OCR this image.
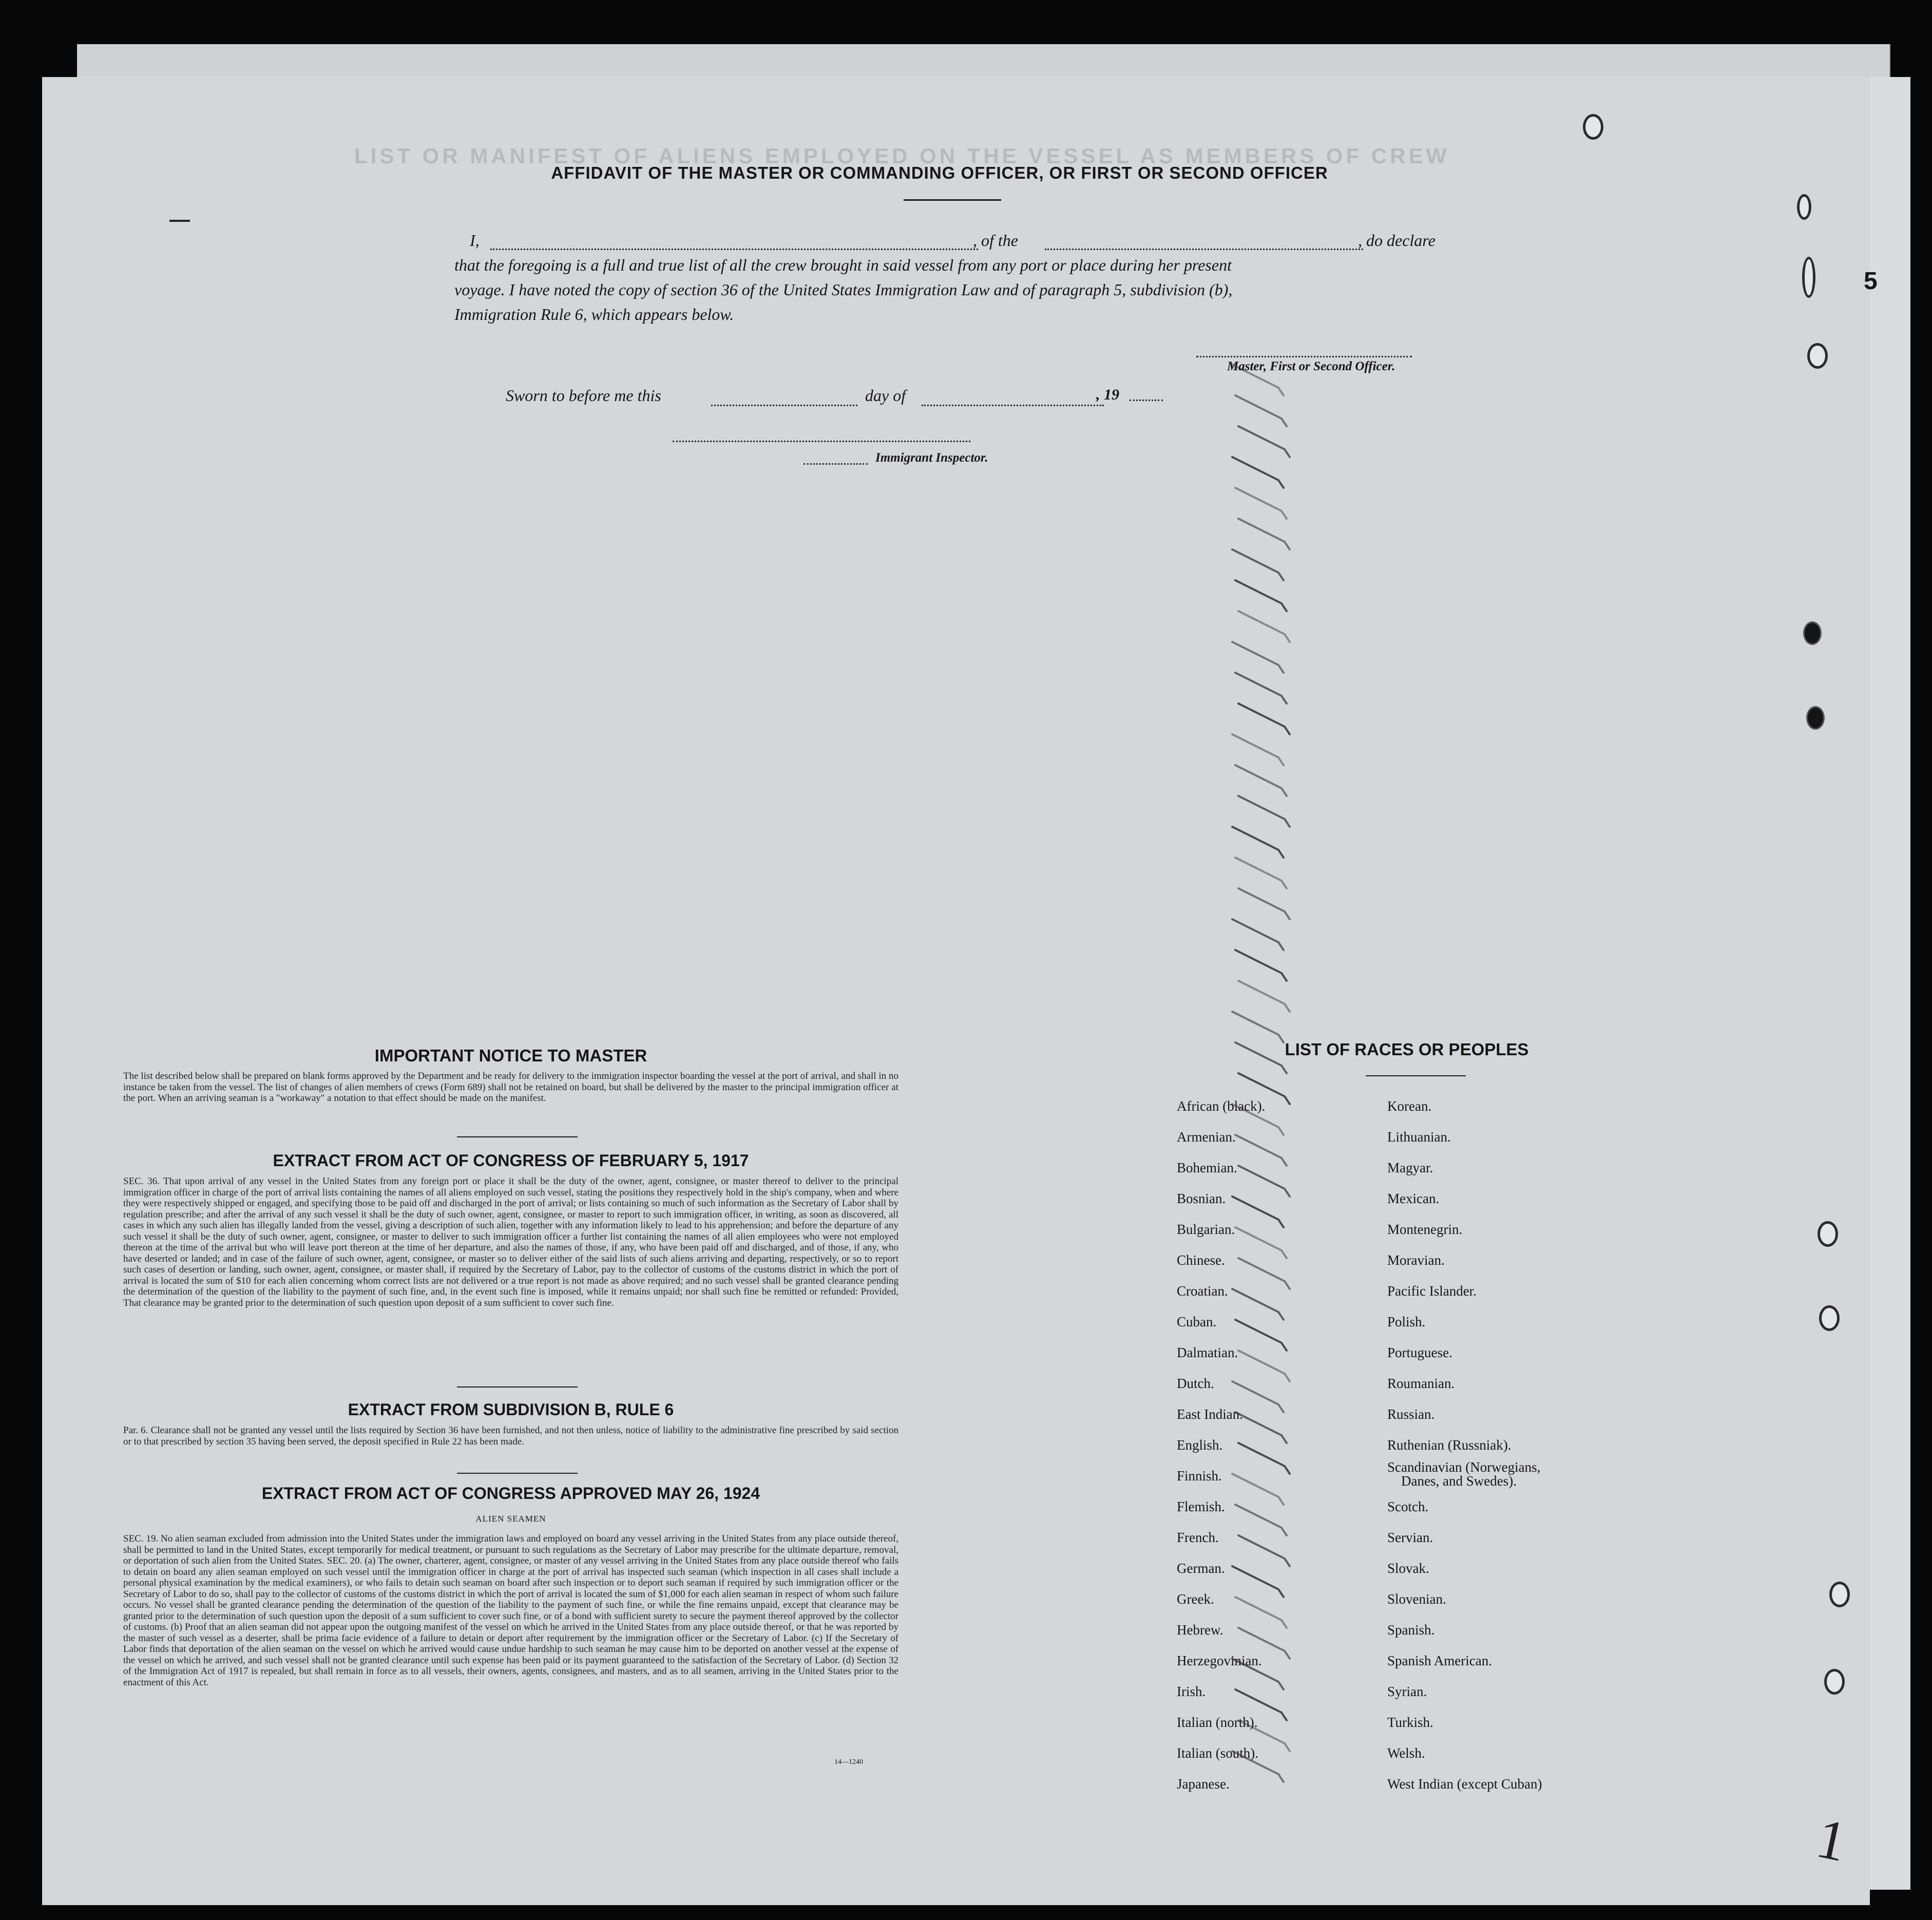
LIST OR MANIFEST OF ALIENS EMPLOYED ON THE VESSEL AS MEMBERS OF CREW
AFFIDAVIT OF THE MASTER OR COMMANDING OFFICER, OR FIRST OR SECOND OFFICER
I,	, of the	, do declare
that the foregoing is a full and true list of all the crew brought in said vessel from any port or place during her present
voyage. I have noted the copy of section 36 of the United States Immigration Law and of paragraph 5, subdivision (b),
Immigration Rule 6, which appears below.
Master, First or Second Officer.
Sworn to before me this	day of	, 19
Immigrant Inspector.
IMPORTANT NOTICE TO MASTER
The list described below shall be prepared on blank forms approved by the Department and be ready for delivery to the immigration inspector boarding the vessel at the port of arrival, and shall in no instance be taken from the vessel. The list of changes of alien members of crews (Form 689) shall not be retained on board, but shall be delivered by the master to the principal immigration officer at the port. When an arriving seaman is a "workaway" a notation to that effect should be made on the manifest.
EXTRACT FROM ACT OF CONGRESS OF FEBRUARY 5, 1917
SEC. 36. That upon arrival of any vessel in the United States from any foreign port or place it shall be the duty of the owner, agent, consignee, or master thereof to deliver to the principal immigration officer in charge of the port of arrival lists containing the names of all aliens employed on such vessel, stating the positions they respectively hold in the ship's company, when and where they were respectively shipped or engaged, and specifying those to be paid off and discharged in the port of arrival; or lists containing so much of such information as the Secretary of Labor shall by regulation prescribe; and after the arrival of any such vessel it shall be the duty of such owner, agent, consignee, or master to report to such immigration officer, in writing, as soon as discovered, all cases in which any such alien has illegally landed from the vessel, giving a description of such alien, together with any information likely to lead to his apprehension; and before the departure of any such vessel it shall be the duty of such owner, agent, consignee, or master to deliver to such immigration officer a further list containing the names of all alien employees who were not employed thereon at the time of the arrival but who will leave port thereon at the time of her departure, and also the names of those, if any, who have been paid off and discharged, and of those, if any, who have deserted or landed; and in case of the failure of such owner, agent, consignee, or master so to deliver either of the said lists of such aliens arriving and departing, respectively, or so to report such cases of desertion or landing, such owner, agent, consignee, or master shall, if required by the Secretary of Labor, pay to the collector of customs of the customs district in which the port of arrival is located the sum of $10 for each alien concerning whom correct lists are not delivered or a true report is not made as above required; and no such vessel shall be granted clearance pending the determination of the question of the liability to the payment of such fine, and, in the event such fine is imposed, while it remains unpaid; nor shall such fine be remitted or refunded: Provided, That clearance may be granted prior to the determination of such question upon deposit of a sum sufficient to cover such fine.
EXTRACT FROM SUBDIVISION B, RULE 6
Par. 6. Clearance shall not be granted any vessel until the lists required by Section 36 have been furnished, and not then unless, notice of liability to the administrative fine prescribed by said section or to that prescribed by section 35 having been served, the deposit specified in Rule 22 has been made.
EXTRACT FROM ACT OF CONGRESS APPROVED MAY 26, 1924
ALIEN SEAMEN
SEC. 19. No alien seaman excluded from admission into the United States under the immigration laws and employed on board any vessel arriving in the United States from any place outside thereof, shall be permitted to land in the United States, except temporarily for medical treatment, or pursuant to such regulations as the Secretary of Labor may prescribe for the ultimate departure, removal, or deportation of such alien from the United States. SEC. 20. (a) The owner, charterer, agent, consignee, or master of any vessel arriving in the United States from any place outside thereof who fails to detain on board any alien seaman employed on such vessel until the immigration officer in charge at the port of arrival has inspected such seaman (which inspection in all cases shall include a personal physical examination by the medical examiners), or who fails to detain such seaman on board after such inspection or to deport such seaman if required by such immigration officer or the Secretary of Labor to do so, shall pay to the collector of customs of the customs district in which the port of arrival is located the sum of $1,000 for each alien seaman in respect of whom such failure occurs. No vessel shall be granted clearance pending the determination of the question of the liability to the payment of such fine, or while the fine remains unpaid, except that clearance may be granted prior to the determination of such question upon the deposit of a sum sufficient to cover such fine, or of a bond with sufficient surety to secure the payment thereof approved by the collector of customs. (b) Proof that an alien seaman did not appear upon the outgoing manifest of the vessel on which he arrived in the United States from any place outside thereof, or that he was reported by the master of such vessel as a deserter, shall be prima facie evidence of a failure to detain or deport after requirement by the immigration officer or the Secretary of Labor. (c) If the Secretary of Labor finds that deportation of the alien seaman on the vessel on which he arrived would cause undue hardship to such seaman he may cause him to be deported on another vessel at the expense of the vessel on which he arrived, and such vessel shall not be granted clearance until such expense has been paid or its payment guaranteed to the satisfaction of the Secretary of Labor. (d) Section 32 of the Immigration Act of 1917 is repealed, but shall remain in force as to all vessels, their owners, agents, consignees, and masters, and as to all seamen, arriving in the United States prior to the enactment of this Act.
14—1240
LIST OF RACES OR PEOPLES
African (black).
Armenian.
Bohemian.
Bosnian.
Bulgarian.
Chinese.
Croatian.
Cuban.
Dalmatian.
Dutch.
East Indian.
English.
Finnish.
Flemish.
French.
German.
Greek.
Hebrew.
Herzegovinian.
Irish.
Italian (north).
Italian (south).
Japanese.
Korean.
Lithuanian.
Magyar.
Mexican.
Montenegrin.
Moravian.
Pacific Islander.
Polish.
Portuguese.
Roumanian.
Russian.
Ruthenian (Russniak).
Scandinavian (Norwegians,
Danes, and Swedes).
Scotch.
Servian.
Slovak.
Slovenian.
Spanish.
Spanish American.
Syrian.
Turkish.
Welsh.
West Indian (except Cuban)
5
1
